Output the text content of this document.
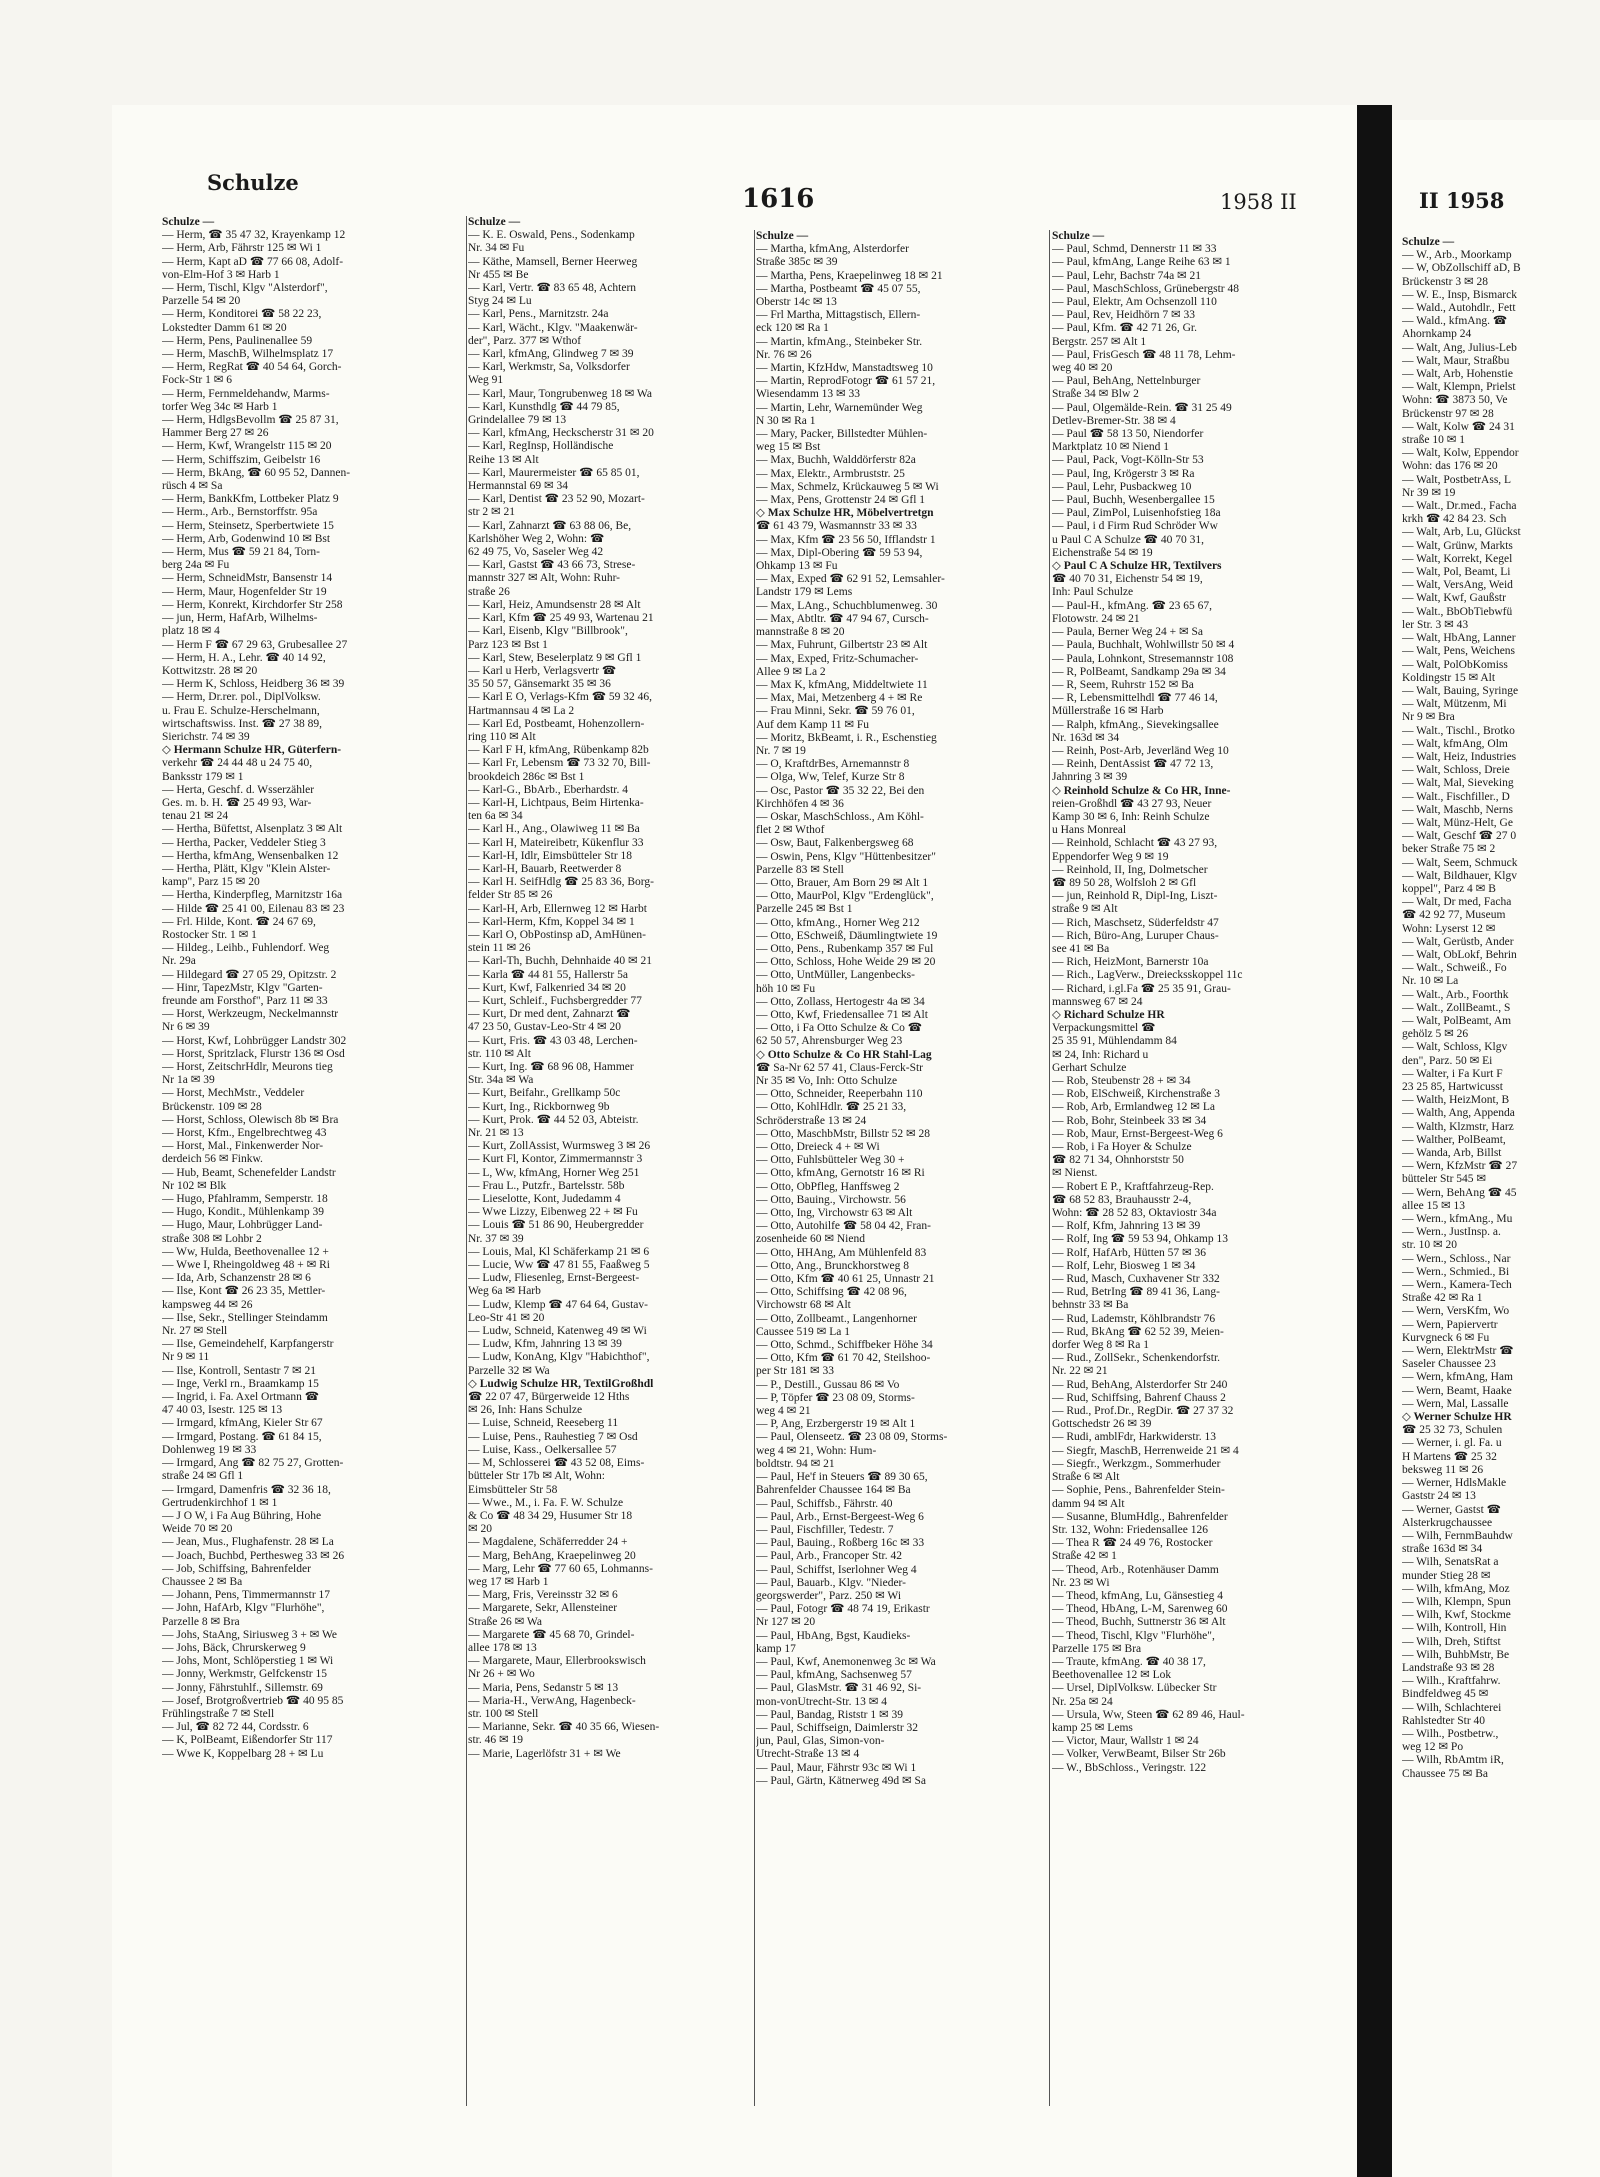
II 1958
Schulze
1616	1958 II
Schulze —
— Herm, ☎ 35 47 32, Krayenkamp 12
— Herm, Arb, Fährstr 125 ✉ Wi 1
— Herm, Kapt aD ☎ 77 66 08, Adolf-
von-Elm-Hof 3 ✉ Harb 1
— Herm, Tischl, Klgv "Alsterdorf",
Parzelle 54 ✉ 20
— Herm, Konditorei ☎ 58 22 23,
Lokstedter Damm 61 ✉ 20
— Herm, Pens, Paulinenallee 59
— Herm, MaschB, Wilhelmsplatz 17
— Herm, RegRat ☎ 40 54 64, Gorch-
Fock-Str 1 ✉ 6
— Herm, Fernmeldehandw, Marms-
torfer Weg 34c ✉ Harb 1
— Herm, HdlgsBevollm ☎ 25 87 31,
Hammer Berg 27 ✉ 26
— Herm, Kwf, Wrangelstr 115 ✉ 20
— Herm, Schiffszim, Geibelstr 16
— Herm, BkAng, ☎ 60 95 52, Dannen-
rüsch 4 ✉ Sa
— Herm, BankKfm, Lottbeker Platz 9
— Herm., Arb., Bernstorffstr. 95a
— Herm, Steinsetz, Sperbertwiete 15
— Herm, Arb, Godenwind 10 ✉ Bst
— Herm, Mus ☎ 59 21 84, Torn-
berg 24a ✉ Fu
— Herm, SchneidMstr, Bansenstr 14
— Herm, Maur, Hogenfelder Str 19
— Herm, Konrekt, Kirchdorfer Str 258
— jun, Herm, HafArb, Wilhelms-
platz 18 ✉ 4
— Herm F ☎ 67 29 63, Grubesallee 27
— Herm, H. A., Lehr. ☎ 40 14 92,
Kottwitzstr. 28 ✉ 20
— Herm K, Schloss, Heidberg 36 ✉ 39
— Herm, Dr.rer. pol., DiplVolksw.
u. Frau E. Schulze-Herschelmann,
wirtschaftswiss. Inst. ☎ 27 38 89,
Sierichstr. 74 ✉ 39
◇ Hermann Schulze HR, Güterfern-
verkehr ☎ 24 44 48 u 24 75 40,
Banksstr 179 ✉ 1
— Herta, Geschf. d. Wsserzähler
Ges. m. b. H. ☎ 25 49 93, War-
tenau 21 ✉ 24
— Hertha, Büfettst, Alsenplatz 3 ✉ Alt
— Hertha, Packer, Veddeler Stieg 3
— Hertha, kfmAng, Wensenbalken 12
— Hertha, Plätt, Klgv "Klein Alster-
kamp", Parz 15 ✉ 20
— Hertha, Kinderpfleg, Marnitzstr 16a
— Hilde ☎ 25 41 00, Eilenau 83 ✉ 23
— Frl. Hilde, Kont. ☎ 24 67 69,
Rostocker Str. 1 ✉ 1
— Hildeg., Leihb., Fuhlendorf. Weg
Nr. 29a
— Hildegard ☎ 27 05 29, Opitzstr. 2
— Hinr, TapezMstr, Klgv "Garten-
freunde am Forsthof", Parz 11 ✉ 33
— Horst, Werkzeugm, Neckelmannstr
Nr 6 ✉ 39
— Horst, Kwf, Lohbrügger Landstr 302
— Horst, Spritzlack, Flurstr 136 ✉ Osd
— Horst, ZeitschrHdlr, Meurons tieg
Nr 1a ✉ 39
— Horst, MechMstr., Veddeler
Brückenstr. 109 ✉ 28
— Horst, Schloss, Olewisch 8b ✉ Bra
— Horst, Kfm., Engelbrechtweg 43
— Horst, Mal., Finkenwerder Nor-
derdeich 56 ✉ Finkw.
— Hub, Beamt, Schenefelder Landstr
Nr 102 ✉ Blk
— Hugo, Pfahlramm, Semperstr. 18
— Hugo, Kondit., Mühlenkamp 39
— Hugo, Maur, Lohbrügger Land-
straße 308 ✉ Lohbr 2
— Ww, Hulda, Beethovenallee 12 +
— Wwe I, Rheingoldweg 48 + ✉ Ri
— Ida, Arb, Schanzenstr 28 ✉ 6
— Ilse, Kont ☎ 26 23 35, Mettler-
kampsweg 44 ✉ 26
— Ilse, Sekr., Stellinger Steindamm
Nr. 27 ✉ Stell
— Ilse, Gemeindehelf, Karpfangerstr
Nr 9 ✉ 11
— Ilse, Kontroll, Sentastr 7 ✉ 21
— Inge, Verkl rn., Braamkamp 15
— Ingrid, i. Fa. Axel Ortmann ☎
47 40 03, Isestr. 125 ✉ 13
— Irmgard, kfmAng, Kieler Str 67
— Irmgard, Postang. ☎ 61 84 15,
Dohlenweg 19 ✉ 33
— Irmgard, Ang ☎ 82 75 27, Grotten-
straße 24 ✉ Gfl 1
— Irmgard, Damenfris ☎ 32 36 18,
Gertrudenkirchhof 1 ✉ 1
— J O W, i Fa Aug Bühring, Hohe
Weide 70 ✉ 20
— Jean, Mus., Flughafenstr. 28 ✉ La
— Joach, Buchbd, Perthesweg 33 ✉ 26
— Job, Schiffsing, Bahrenfelder
Chaussee 2 ✉ Ba
— Johann, Pens, Timmermannstr 17
— John, HafArb, Klgv "Flurhöhe",
Parzelle 8 ✉ Bra
— Johs, StaAng, Siriusweg 3 + ✉ We
— Johs, Bäck, Chrurskerweg 9
— Johs, Mont, Schlöperstieg 1 ✉ Wi
— Jonny, Werkmstr, Gelfckenstr 15
— Jonny, Fährstuhlf., Sillemstr. 69
— Josef, Brotgroßvertrieb ☎ 40 95 85
Frühlingstraße 7 ✉ Stell
— Jul, ☎ 82 72 44, Cordsstr. 6
— K, PolBeamt, Eißendorfer Str 117
— Wwe K, Koppelbarg 28 + ✉ Lu
Schulze —
— K. E. Oswald, Pens., Sodenkamp
Nr. 34 ✉ Fu
— Käthe, Mamsell, Berner Heerweg
Nr 455 ✉ Be
— Karl, Vertr. ☎ 83 65 48, Achtern
Styg 24 ✉ Lu
— Karl, Pens., Marnitzstr. 24a
— Karl, Wächt., Klgv. "Maakenwär-
der", Parz. 377 ✉ Wthof
— Karl, kfmAng, Glindweg 7 ✉ 39
— Karl, Werkmstr, Sa, Volksdorfer
Weg 91
— Karl, Maur, Tongrubenweg 18 ✉ Wa
— Karl, Kunsthdlg ☎ 44 79 85,
Grindelallee 79 ✉ 13
— Karl, kfmAng, Heckscherstr 31 ✉ 20
— Karl, RegInsp, Holländische
Reihe 13 ✉ Alt
— Karl, Maurermeister ☎ 65 85 01,
Hermannstal 69 ✉ 34
— Karl, Dentist ☎ 23 52 90, Mozart-
str 2 ✉ 21
— Karl, Zahnarzt ☎ 63 88 06, Be,
Karlshöher Weg 2, Wohn: ☎
62 49 75, Vo, Saseler Weg 42
— Karl, Gastst ☎ 43 66 73, Strese-
mannstr 327 ✉ Alt, Wohn: Ruhr-
straße 26
— Karl, Heiz, Amundsenstr 28 ✉ Alt
— Karl, Kfm ☎ 25 49 93, Wartenau 21
— Karl, Eisenb, Klgv "Billbrook",
Parz 123 ✉ Bst 1
— Karl, Stew, Beselerplatz 9 ✉ Gfl 1
— Karl u Herb, Verlagsvertr ☎
35 50 57, Gänsemarkt 35 ✉ 36
— Karl E O, Verlags-Kfm ☎ 59 32 46,
Hartmannsau 4 ✉ La 2
— Karl Ed, Postbeamt, Hohenzollern-
ring 110 ✉ Alt
— Karl F H, kfmAng, Rübenkamp 82b
— Karl Fr, Lebensm ☎ 73 32 70, Bill-
brookdeich 286c ✉ Bst 1
— Karl-G., BbArb., Eberhardstr. 4
— Karl-H, Lichtpaus, Beim Hirtenka-
ten 6a ✉ 34
— Karl H., Ang., Olawiweg 11 ✉ Ba
— Karl H, Mateireibetr, Kükenflur 33
— Karl-H, Idlr, Eimsbütteler Str 18
— Karl-H, Bauarb, Reetwerder 8
— Karl H. SeifHdlg ☎ 25 83 36, Borg-
felder Str 85 ✉ 26
— Karl-H, Arb, Ellernweg 12 ✉ Harbt
— Karl-Herm, Kfm, Koppel 34 ✉ 1
— Karl O, ObPostinsp aD, AmHünen-
stein 11 ✉ 26
— Karl-Th, Buchh, Dehnhaide 40 ✉ 21
— Karla ☎ 44 81 55, Hallerstr 5a
— Kurt, Kwf, Falkenried 34 ✉ 20
— Kurt, Schleif., Fuchsbergredder 77
— Kurt, Dr med dent, Zahnarzt ☎
47 23 50, Gustav-Leo-Str 4 ✉ 20
— Kurt, Fris. ☎ 43 03 48, Lerchen-
str. 110 ✉ Alt
— Kurt, Ing. ☎ 68 96 08, Hammer
Str. 34a ✉ Wa
— Kurt, Beifahr., Grellkamp 50c
— Kurt, Ing., Rickbornweg 9b
— Kurt, Prok. ☎ 44 52 03, Abteistr.
Nr. 21 ✉ 13
— Kurt, ZollAssist, Wurmsweg 3 ✉ 26
— Kurt Fl, Kontor, Zimmermannstr 3
— L, Ww, kfmAng, Horner Weg 251
— Frau L., Putzfr., Bartelsstr. 58b
— Lieselotte, Kont, Judedamm 4
— Wwe Lizzy, Eibenweg 22 + ✉ Fu
— Louis ☎ 51 86 90, Heubergredder
Nr. 37 ✉ 39
— Louis, Mal, Kl Schäferkamp 21 ✉ 6
— Lucie, Ww ☎ 47 81 55, Faaßweg 5
— Ludw, Fliesenleg, Ernst-Bergeest-
Weg 6a ✉ Harb
— Ludw, Klemp ☎ 47 64 64, Gustav-
Leo-Str 41 ✉ 20
— Ludw, Schneid, Katenweg 49 ✉ Wi
— Ludw, Kfm, Jahnring 13 ✉ 39
— Ludw, KonAng, Klgv "Habichthof",
Parzelle 32 ✉ Wa
◇ Ludwig Schulze HR, TextilGroßhdl
☎ 22 07 47, Bürgerweide 12 Hths
✉ 26, Inh: Hans Schulze
— Luise, Schneid, Reeseberg 11
— Luise, Pens., Rauhestieg 7 ✉ Osd
— Luise, Kass., Oelkersallee 57
— M, Schlosserei ☎ 43 52 08, Eims-
bütteler Str 17b ✉ Alt, Wohn:
Eimsbütteler Str 58
— Wwe., M., i. Fa. F. W. Schulze
& Co ☎ 48 34 29, Husumer Str 18
✉ 20
— Magdalene, Schäferredder 24 +
— Marg, BehAng, Kraepelinweg 20
— Marg, Lehr ☎ 77 60 65, Lohmanns-
weg 17 ✉ Harb 1
— Marg, Fris, Vereinsstr 32 ✉ 6
— Margarete, Sekr, Allensteiner
Straße 26 ✉ Wa
— Margarete ☎ 45 68 70, Grindel-
allee 178 ✉ 13
— Margarete, Maur, Ellerbrookswisch
Nr 26 + ✉ Wo
— Maria, Pens, Sedanstr 5 ✉ 13
— Maria-H., VerwAng, Hagenbeck-
str. 100 ✉ Stell
— Marianne, Sekr. ☎ 40 35 66, Wiesen-
str. 46 ✉ 19
— Marie, Lagerlöfstr 31 + ✉ We
Schulze —
— Martha, kfmAng, Alsterdorfer
Straße 385c ✉ 39
— Martha, Pens, Kraepelinweg 18 ✉ 21
— Martha, Postbeamt ☎ 45 07 55,
Oberstr 14c ✉ 13
— Frl Martha, Mittagstisch, Ellern-
eck 120 ✉ Ra 1
— Martin, kfmAng., Steinbeker Str.
Nr. 76 ✉ 26
— Martin, KfzHdw, Manstadtsweg 10
— Martin, ReprodFotogr ☎ 61 57 21,
Wiesendamm 13 ✉ 33
— Martin, Lehr, Warnemünder Weg
N 30 ✉ Ra 1
— Mary, Packer, Billstedter Mühlen-
weg 15 ✉ Bst
— Max, Buchh, Walddörferstr 82a
— Max, Elektr., Armbruststr. 25
— Max, Schmelz, Krückauweg 5 ✉ Wi
— Max, Pens, Grottenstr 24 ✉ Gfl 1
◇ Max Schulze HR, Möbelvertretgn
☎ 61 43 79, Wasmannstr 33 ✉ 33
— Max, Kfm ☎ 23 56 50, Ifflandstr 1
— Max, Dipl-Obering ☎ 59 53 94,
Ohkamp 13 ✉ Fu
— Max, Exped ☎ 62 91 52, Lemsahler-
Landstr 179 ✉ Lems
— Max, LAng., Schuchblumenweg. 30
— Max, Abtltr. ☎ 47 94 67, Cursch-
mannstraße 8 ✉ 20
— Max, Fuhrunt, Gilbertstr 23 ✉ Alt
— Max, Exped, Fritz-Schumacher-
Allee 9 ✉ La 2
— Max K, kfmAng, Middeltwiete 11
— Max, Mai, Metzenberg 4 + ✉ Re
— Frau Minni, Sekr. ☎ 59 76 01,
Auf dem Kamp 11 ✉ Fu
— Moritz, BkBeamt, i. R., Eschenstieg
Nr. 7 ✉ 19
— O, KraftdrBes, Arnemannstr 8
— Olga, Ww, Telef, Kurze Str 8
— Osc, Pastor ☎ 35 32 22, Bei den
Kirchhöfen 4 ✉ 36
— Oskar, MaschSchloss., Am Köhl-
flet 2 ✉ Wthof
— Osw, Baut, Falkenbergsweg 68
— Oswin, Pens, Klgv "Hüttenbesitzer"
Parzelle 83 ✉ Stell
— Otto, Brauer, Am Born 29 ✉ Alt 1
— Otto, MaurPol, Klgv "Erdenglück",
Parzelle 245 ✉ Bst 1
— Otto, kfmAng., Horner Weg 212
— Otto, ESchweiß, Däumlingtwiete 19
— Otto, Pens., Rubenkamp 357 ✉ Ful
— Otto, Schloss, Hohe Weide 29 ✉ 20
— Otto, UntMüller, Langenbecks-
höh 10 ✉ Fu
— Otto, Zollass, Hertogestr 4a ✉ 34
— Otto, Kwf, Friedensallee 71 ✉ Alt
— Otto, i Fa Otto Schulze & Co ☎
62 50 57, Ahrensburger Weg 23
◇ Otto Schulze & Co HR Stahl-Lag
☎ Sa-Nr 62 57 41, Claus-Ferck-Str
Nr 35 ✉ Vo, Inh: Otto Schulze
— Otto, Schneider, Reeperbahn 110
— Otto, KohlHdlr. ☎ 25 21 33,
Schröderstraße 13 ✉ 24
— Otto, MaschbMstr, Billstr 52 ✉ 28
— Otto, Dreieck 4 + ✉ Wi
— Otto, Fuhlsbütteler Weg 30 +
— Otto, kfmAng, Gernotstr 16 ✉ Ri
— Otto, ObPfleg, Hanffsweg 2
— Otto, Bauing., Virchowstr. 56
— Otto, Ing, Virchowstr 63 ✉ Alt
— Otto, Autohilfe ☎ 58 04 42, Fran-
zosenheide 60 ✉ Niend
— Otto, HHAng, Am Mühlenfeld 83
— Otto, Ang., Brunckhorstweg 8
— Otto, Kfm ☎ 40 61 25, Unnastr 21
— Otto, Schiffsing ☎ 42 08 96,
Virchowstr 68 ✉ Alt
— Otto, Zollbeamt., Langenhorner
Caussee 519 ✉ La 1
— Otto, Schmd., Schiffbeker Höhe 34
— Otto, Kfm ☎ 61 70 42, Steilshoo-
per Str 181 ✉ 33
— P., Destill., Gussau 86 ✉ Vo
— P, Töpfer ☎ 23 08 09, Storms-
weg 4 ✉ 21
— P, Ang, Erzbergerstr 19 ✉ Alt 1
— Paul, Olenseetz. ☎ 23 08 09, Storms-
weg 4 ✉ 21, Wohn: Hum-
boldtstr. 94 ✉ 21
— Paul, He'f in Steuers ☎ 89 30 65,
Bahrenfelder Chaussee 164 ✉ Ba
— Paul, Schiffsb., Fährstr. 40
— Paul, Arb., Ernst-Bergeest-Weg 6
— Paul, Fischfiller, Tedestr. 7
— Paul, Bauing., Roßberg 16c ✉ 33
— Paul, Arb., Francoper Str. 42
— Paul, Schiffst, Iserlohner Weg 4
— Paul, Bauarb., Klgv. "Nieder-
georgswerder", Parz. 250 ✉ Wi
— Paul, Fotogr ☎ 48 74 19, Erikastr
Nr 127 ✉ 20
— Paul, HbAng, Bgst, Kaudieks-
kamp 17
— Paul, Kwf, Anemonenweg 3c ✉ Wa
— Paul, kfmAng, Sachsenweg 57
— Paul, GlasMstr. ☎ 31 46 92, Si-
mon-vonUtrecht-Str. 13 ✉ 4
— Paul, Bandag, Riststr 1 ✉ 39
— Paul, Schiffseign, Daimlerstr 32
jun, Paul, Glas, Simon-von-
Utrecht-Straße 13 ✉ 4
— Paul, Maur, Fährstr 93c ✉ Wi 1
— Paul, Gärtn, Kätnerweg 49d ✉ Sa
Schulze —
— Paul, Schmd, Dennerstr 11 ✉ 33
— Paul, kfmAng, Lange Reihe 63 ✉ 1
— Paul, Lehr, Bachstr 74a ✉ 21
— Paul, MaschSchloss, Grünebergstr 48
— Paul, Elektr, Am Ochsenzoll 110
— Paul, Rev, Heidhörn 7 ✉ 33
— Paul, Kfm. ☎ 42 71 26, Gr.
Bergstr. 257 ✉ Alt 1
— Paul, FrisGesch ☎ 48 11 78, Lehm-
weg 40 ✉ 20
— Paul, BehAng, Nettelnburger
Straße 34 ✉ Blw 2
— Paul, Olgemälde-Rein. ☎ 31 25 49
Detlev-Bremer-Str. 38 ✉ 4
— Paul ☎ 58 13 50, Niendorfer
Marktplatz 10 ✉ Niend 1
— Paul, Pack, Vogt-Kölln-Str 53
— Paul, Ing, Krögerstr 3 ✉ Ra
— Paul, Lehr, Pusbackweg 10
— Paul, Buchh, Wesenbergallee 15
— Paul, ZimPol, Luisenhofstieg 18a
— Paul, i d Firm Rud Schröder Ww
u Paul C A Schulze ☎ 40 70 31,
Eichenstraße 54 ✉ 19
◇ Paul C A Schulze HR, Textilvers
☎ 40 70 31, Eichenstr 54 ✉ 19,
Inh: Paul Schulze
— Paul-H., kfmAng. ☎ 23 65 67,
Flotowstr. 24 ✉ 21
— Paula, Berner Weg 24 + ✉ Sa
— Paula, Buchhalt, Wohlwillstr 50 ✉ 4
— Paula, Lohnkont, Stresemannstr 108
— R, PolBeamt, Sandkamp 29a ✉ 34
— R, Seem, Ruhrstr 152 ✉ Ba
— R, Lebensmittelhdl ☎ 77 46 14,
Müllerstraße 16 ✉ Harb
— Ralph, kfmAng., Sievekingsallee
Nr. 163d ✉ 34
— Reinh, Post-Arb, Jeverländ Weg 10
— Reinh, DentAssist ☎ 47 72 13,
Jahnring 3 ✉ 39
◇ Reinhold Schulze & Co HR, Inne-
reien-Großhdl ☎ 43 27 93, Neuer
Kamp 30 ✉ 6, Inh: Reinh Schulze
u Hans Monreal
— Reinhold, Schlacht ☎ 43 27 93,
Eppendorfer Weg 9 ✉ 19
— Reinhold, II, Ing, Dolmetscher
☎ 89 50 28, Wolfsloh 2 ✉ Gfl
— jun, Reinhold R, Dipl-Ing, Liszt-
straße 9 ✉ Alt
— Rich, Maschsetz, Süderfeldstr 47
— Rich, Büro-Ang, Luruper Chaus-
see 41 ✉ Ba
— Rich, HeizMont, Barnerstr 10a
— Rich., LagVerw., Dreiecksskoppel 11c
— Richard, i.gl.Fa ☎ 25 35 91, Grau-
mannsweg 67 ✉ 24
◇ Richard Schulze HR
Verpackungsmittel ☎
25 35 91, Mühlendamm 84
✉ 24, Inh: Richard u
Gerhart Schulze
— Rob, Steubenstr 28 + ✉ 34
— Rob, ElSchweiß, Kirchenstraße 3
— Rob, Arb, Ermlandweg 12 ✉ La
— Rob, Bohr, Steinbeek 33 ✉ 34
— Rob, Maur, Ernst-Bergeest-Weg 6
— Rob, i Fa Hoyer & Schulze
☎ 82 71 34, Ohnhorststr 50
✉ Nienst.
— Robert E P., Kraftfahrzeug-Rep.
☎ 68 52 83, Brauhausstr 2-4,
Wohn: ☎ 28 52 83, Oktaviostr 34a
— Rolf, Kfm, Jahnring 13 ✉ 39
— Rolf, Ing ☎ 59 53 94, Ohkamp 13
— Rolf, HafArb, Hütten 57 ✉ 36
— Rolf, Lehr, Biosweg 1 ✉ 34
— Rud, Masch, Cuxhavener Str 332
— Rud, BetrIng ☎ 89 41 36, Lang-
behnstr 33 ✉ Ba
— Rud, Lademstr, Köhlbrandstr 76
— Rud, BkAng ☎ 62 52 39, Meien-
dorfer Weg 8 ✉ Ra 1
— Rud., ZollSekr., Schenkendorfstr.
Nr. 22 ✉ 21
— Rud, BehAng, Alsterdorfer Str 240
— Rud, Schiffsing, Bahrenf Chauss 2
— Rud., Prof.Dr., RegDir. ☎ 27 37 32
Gottschedstr 26 ✉ 39
— Rudi, amblFdr, Harkwiderstr. 13
— Siegfr, MaschB, Herrenweide 21 ✉ 4
— Siegfr., Werkzgm., Sommerhuder
Straße 6 ✉ Alt
— Sophie, Pens., Bahrenfelder Stein-
damm 94 ✉ Alt
— Susanne, BlumHdlg., Bahrenfelder
Str. 132, Wohn: Friedensallee 126
— Thea R ☎ 24 49 76, Rostocker
Straße 42 ✉ 1
— Theod, Arb., Rotenhäuser Damm
Nr. 23 ✉ Wi
— Theod, kfmAng, Lu, Gänsestieg 4
— Theod, HbAng, L-M, Sarenweg 60
— Theod, Buchh, Suttnerstr 36 ✉ Alt
— Theod, Tischl, Klgv "Flurhöhe",
Parzelle 175 ✉ Bra
— Traute, kfmAng. ☎ 40 38 17,
Beethovenallee 12 ✉ Lok
— Ursel, DiplVolksw. Lübecker Str
Nr. 25a ✉ 24
— Ursula, Ww, Steen ☎ 62 89 46, Haul-
kamp 25 ✉ Lems
— Victor, Maur, Wallstr 1 ✉ 24
— Volker, VerwBeamt, Bilser Str 26b
— W., BbSchloss., Veringstr. 122
Schulze —
— W., Arb., Moorkamp
— W, ObZollschiff aD, B
Brückenstr 3 ✉ 28
— W. E., Insp, Bismarck
— Wald., Autohdlr., Fett
— Wald., kfmAng. ☎
Ahornkamp 24
— Walt, Ang, Julius-Leb
— Walt, Maur, Straßbu
— Walt, Arb, Hohenstie
— Walt, Klempn, Prielst
Wohn: ☎ 3873 50, Ve
Brückenstr 97 ✉ 28
— Walt, Kolw ☎ 24 31
straße 10 ✉ 1
— Walt, Kolw, Eppendor
Wohn: das 176 ✉ 20
— Walt, PostbetrAss, L
Nr 39 ✉ 19
— Walt., Dr.med., Facha
krkh ☎ 42 84 23. Sch
— Walt, Arb, Lu, Glückst
— Walt, Grünw, Markts
— Walt, Korrekt, Kegel
— Walt, Pol, Beamt, Li
— Walt, VersAng, Weid
— Walt, Kwf, Gaußstr
— Walt., BbObTiebwfü
ler Str. 3 ✉ 43
— Walt, HbAng, Lanner
— Walt, Pens, Weichens
— Walt, PolObKomiss
Koldingstr 15 ✉ Alt
— Walt, Bauing, Syringe
— Walt, Mützenm, Mi
Nr 9 ✉ Bra
— Walt., Tischl., Brotko
— Walt, kfmAng, Olm
— Walt, Heiz, Industries
— Walt, Schloss, Dreie
— Walt, Mal, Sieveking
— Walt., Fischfiller., D
— Walt, Maschb, Nerns
— Walt, Münz-Helt, Ge
— Walt, Geschf ☎ 27 0
beker Straße 75 ✉ 2
— Walt, Seem, Schmuck
— Walt, Bildhauer, Klgv
koppel", Parz 4 ✉ B
— Walt, Dr med, Facha
☎ 42 92 77, Museum
Wohn: Lyserst 12 ✉
— Walt, Gerüstb, Ander
— Walt, ObLokf, Behrin
— Walt., Schweiß., Fo
Nr. 10 ✉ La
— Walt., Arb., Foorthk
— Walt., ZollBeamt., S
— Walt, PolBeamt, Am
gehölz 5 ✉ 26
— Walt, Schloss, Klgv
den", Parz. 50 ✉ Ei
— Walter, i Fa Kurt F
23 25 85, Hartwicusst
— Walth, HeizMont, B
— Walth, Ang, Appenda
— Walth, Klzmstr, Harz
— Walther, PolBeamt,
— Wanda, Arb, Billst
— Wern, KfzMstr ☎ 27
bütteler Str 545 ✉
— Wern, BehAng ☎ 45
allee 15 ✉ 13
— Wern., kfmAng., Mu
— Wern., JustInsp. a.
str. 10 ✉ 20
— Wern., Schloss., Nar
— Wern., Schmied., Bi
— Wern., Kamera-Tech
Straße 42 ✉ Ra 1
— Wern, VersKfm, Wo
— Wern, Papiervertr
Kurvgneck 6 ✉ Fu
— Wern, ElektrMstr ☎
Saseler Chaussee 23
— Wern, kfmAng, Ham
— Wern, Beamt, Haake
— Wern, Mal, Lassalle
◇ Werner Schulze HR
☎ 25 32 73, Schulen
— Werner, i. gl. Fa. u
H Martens ☎ 25 32
beksweg 11 ✉ 26
— Werner, HdlsMakle
Gaststr 24 ✉ 13
— Werner, Gastst ☎
Alsterkrugchaussee
— Wilh, FernmBauhdw
straße 163d ✉ 34
— Wilh, SenatsRat a
munder Stieg 28 ✉
— Wilh, kfmAng, Moz
— Wilh, Klempn, Spun
— Wilh, Kwf, Stockme
— Wilh, Kontroll, Hin
— Wilh, Dreh, Stiftst
— Wilh, BuhbMstr, Be
Landstraße 93 ✉ 28
— Wilh., Kraftfahrw.
Bindfeldweg 45 ✉
— Wilh, Schlachterei
Rahlstedter Str 40
— Wilh., Postbetrw.,
weg 12 ✉ Po
— Wilh, RbAmtm iR,
Chaussee 75 ✉ Ba
